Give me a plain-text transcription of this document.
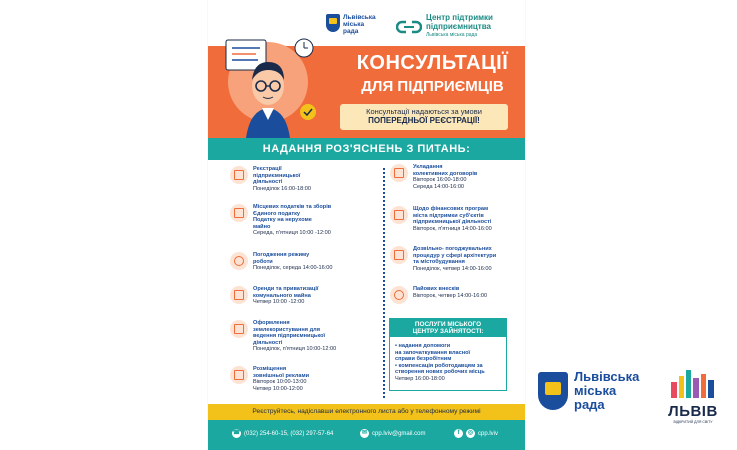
Львівська
міська
рада
Центр підтримки
підприємництва
Львівська міська рада
КОНСУЛЬТАЦІЇ
ДЛЯ ПІДПРИЄМЦІВ
Консультації надаються за умови
ПОПЕРЕДНЬОЇ РЕЄСТРАЦІЇ!
НАДАННЯ РОЗ'ЯСНЕНЬ З ПИТАНЬ:
Реєстрації
підприємницької
діяльності
Понеділок 16:00-18:00
Місцевих податків та зборів
Єдиного податку
Податку на нерухоме
майно
Середа, п'ятниця 10:00 -12:00
Погодження режиму
роботи
Понеділок, середа 14:00-16:00
Оренди та приватизації
комунального майна
Четвер 10:00 -12:00
Оформлення
землекористування для
ведення підприємницької
діяльності
Понеділок, п'ятниця 10:00-12:00
Розміщення
зовнішньої реклами
Вівторок 10:00-13:00
Четвер 10:00-12:00
Укладання
колективних договорів
Вівторок 16:00-18:00
Середа 14:00-16:00
Щодо фінансових програм
міста підтримки суб'єктів
підприємницької діяльності
Вівторок, п'ятниця 14:00-16:00
Дозвільно- погоджувальних
процедур у сфері архітектури
та містобудування
Понеділок, четвер 14:00-16:00
Пайових внесків
Вівторок, четвер 14:00-16:00
ПОСЛУГИ МІСЬКОГО
ЦЕНТРУ ЗАЙНЯТОСТІ:
• надання допомоги
на започаткування власної
справи безробітним
• компенсація роботодавцям за
створення нових робочих місць
Четвер 16:00-18:00
Реєструйтесь, надіславши електронного листа або у телефонному режимі
☎ (032) 254-60-15, (032) 297-57-64	✉ cpp.lviv@gmail.com	f	◎ cpp.lviv
Львівська
міська
рада	ЛЬВІВ
ВІДКРИТИЙ ДЛЯ СВІТУ
